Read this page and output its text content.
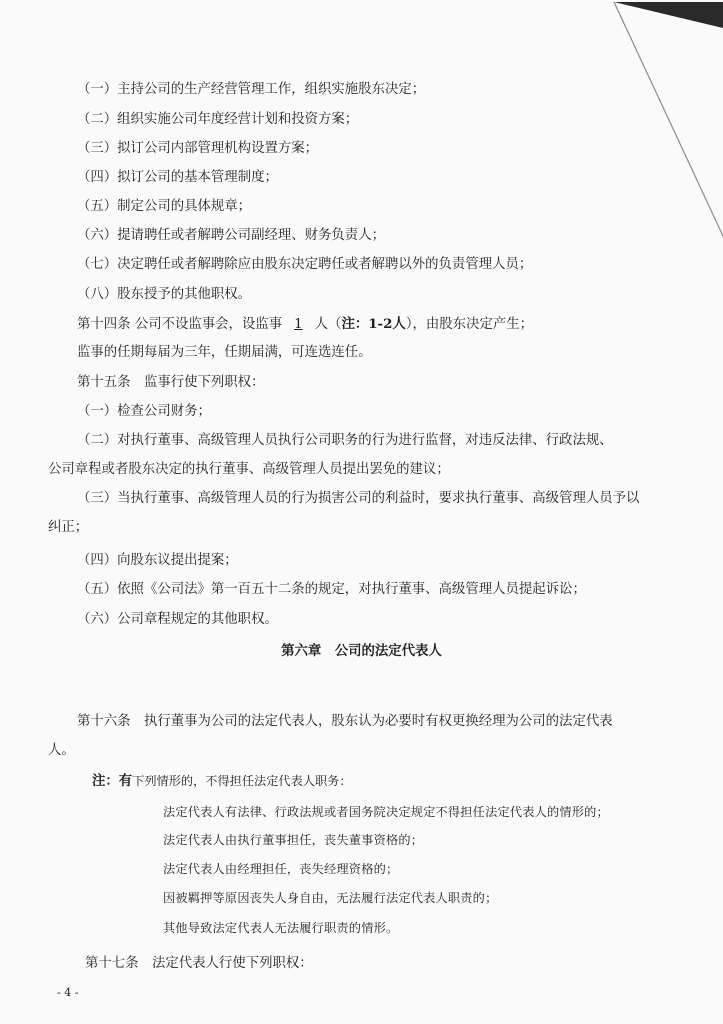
（一）主持公司的生产经营管理工作，组织实施股东决定；
（二）组织实施公司年度经营计划和投资方案；
（三）拟订公司内部管理机构设置方案；
（四）拟订公司的基本管理制度；
（五）制定公司的具体规章；
（六）提请聘任或者解聘公司副经理、财务负责人；
（七）决定聘任或者解聘除应由股东决定聘任或者解聘以外的负责管理人员；
（八）股东授予的其他职权。
第十四条 公司不设监事会，设监事 1 人（注：1-2人），由股东决定产生；
监事的任期每届为三年，任期届满，可连选连任。
第十五条　监事行使下列职权：
（一）检查公司财务；
（二）对执行董事、高级管理人员执行公司职务的行为进行监督，对违反法律、行政法规、
公司章程或者股东决定的执行董事、高级管理人员提出罢免的建议；
（三）当执行董事、高级管理人员的行为损害公司的利益时，要求执行董事、高级管理人员予以
纠正；
（四）向股东议提出提案；
（五）依照《公司法》第一百五十二条的规定，对执行董事、高级管理人员提起诉讼；
（六）公司章程规定的其他职权。
第六章　公司的法定代表人
第十六条　执行董事为公司的法定代表人，股东认为必要时有权更换经理为公司的法定代表
人。
注：有下列情形的，不得担任法定代表人职务：
法定代表人有法律、行政法规或者国务院决定规定不得担任法定代表人的情形的；
法定代表人由执行董事担任，丧失董事资格的；
法定代表人由经理担任，丧失经理资格的；
因被羁押等原因丧失人身自由，无法履行法定代表人职责的；
其他导致法定代表人无法履行职责的情形。
第十七条　法定代表人行使下列职权：
- 4 -
